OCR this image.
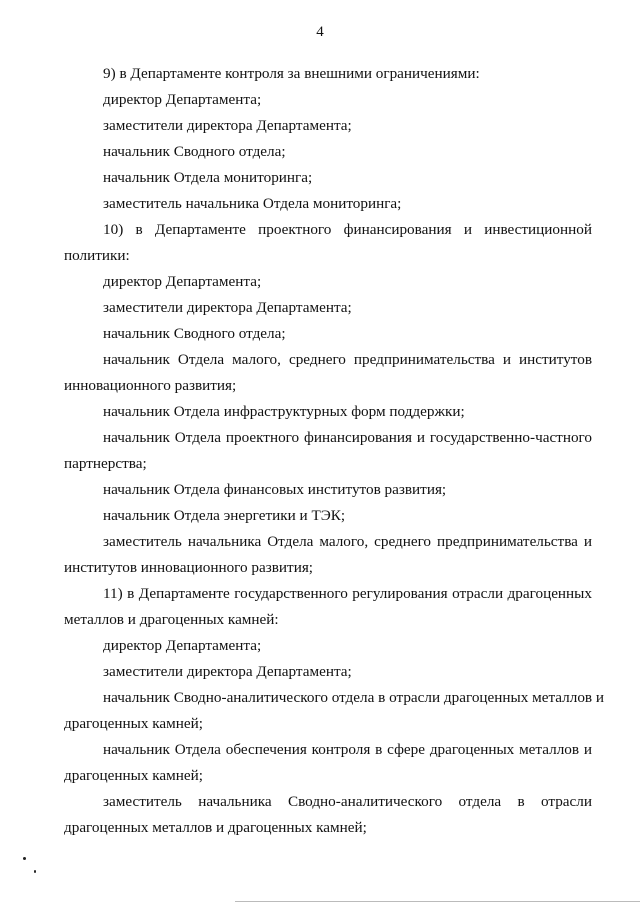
4
9) в Департаменте контроля за внешними ограничениями:
директор Департамента;
заместители директора Департамента;
начальник Сводного отдела;
начальник Отдела мониторинга;
заместитель начальника Отдела мониторинга;
10) в Департаменте проектного финансирования и инвестиционной
политики:
директор Департамента;
заместители директора Департамента;
начальник Сводного отдела;
начальник Отдела малого, среднего предпринимательства и институтов
инновационного развития;
начальник Отдела инфраструктурных форм поддержки;
начальник Отдела проектного финансирования и государственно-частного
партнерства;
начальник Отдела финансовых институтов развития;
начальник Отдела энергетики и ТЭК;
заместитель начальника Отдела малого, среднего предпринимательства и
институтов инновационного развития;
11) в Департаменте государственного регулирования отрасли драгоценных
металлов и драгоценных камней:
директор Департамента;
заместители директора Департамента;
начальник Сводно-аналитического отдела в отрасли драгоценных металлов и
драгоценных камней;
начальник Отдела обеспечения контроля в сфере драгоценных металлов и
драгоценных камней;
заместитель начальника Сводно-аналитического отдела в отрасли
драгоценных металлов и драгоценных камней;
